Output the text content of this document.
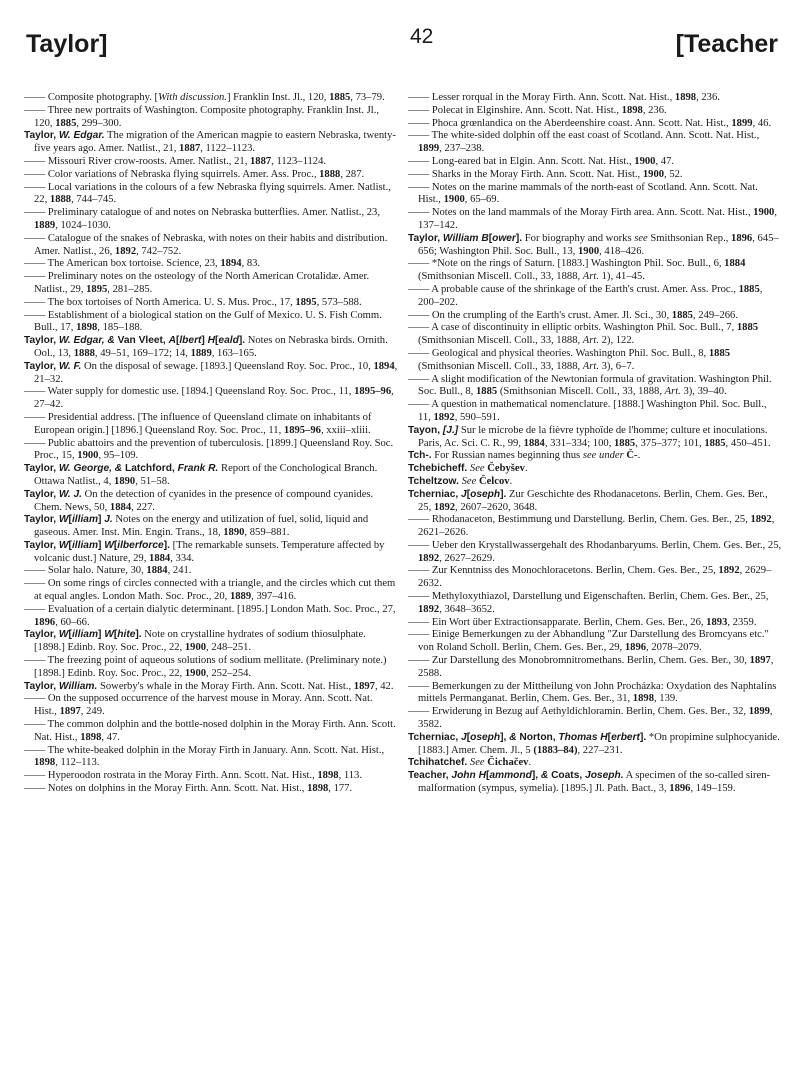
Taylor]	42	[Teacher

—— Composite photography. [With discussion.] Franklin Inst. Jl., 120, 1885, 73–79.

—— Three new portraits of Washington. Composite photography. Franklin Inst. Jl., 120, 1885, 299–300.

Taylor, W. Edgar. The migration of the American magpie to eastern Nebraska, twenty-five years ago. Amer. Natlist., 21, 1887, 1122–1123.

—— Missouri River crow-roosts. Amer. Natlist., 21, 1887, 1123–1124.

—— Color variations of Nebraska flying squirrels. Amer. Ass. Proc., 1888, 287.

—— Local variations in the colours of a few Nebraska flying squirrels. Amer. Natlist., 22, 1888, 744–745.

—— Preliminary catalogue of and notes on Nebraska butterflies. Amer. Natlist., 23, 1889, 1024–1030.

—— Catalogue of the snakes of Nebraska, with notes on their habits and distribution. Amer. Natlist., 26, 1892, 742–752.

—— The American box tortoise. Science, 23, 1894, 83.

—— Preliminary notes on the osteology of the North American Crotalidæ. Amer. Natlist., 29, 1895, 281–285.

—— The box tortoises of North America. U. S. Mus. Proc., 17, 1895, 573–588.

—— Establishment of a biological station on the Gulf of Mexico. U. S. Fish Comm. Bull., 17, 1898, 185–188.

Taylor, W. Edgar, & Van Vleet, A[lbert] H[eald]. Notes on Nebraska birds. Ornith. Ool., 13, 1888, 49–51, 169–172; 14, 1889, 163–165.

Taylor, W. F. On the disposal of sewage. [1893.] Queensland Roy. Soc. Proc., 10, 1894, 21–32.

—— Water supply for domestic use. [1894.] Queensland Roy. Soc. Proc., 11, 1895–96, 27–42.

—— Presidential address. [The influence of Queensland climate on inhabitants of European origin.] [1896.] Queensland Roy. Soc. Proc., 11, 1895–96, xxiii–xliii.

—— Public abattoirs and the prevention of tuberculosis. [1899.] Queensland Roy. Soc. Proc., 15, 1900, 95–109.

Taylor, W. George, & Latchford, Frank R. Report of the Conchological Branch. Ottawa Natlist., 4, 1890, 51–58.

Taylor, W. J. On the detection of cyanides in the presence of compound cyanides. Chem. News, 50, 1884, 227.

Taylor, W[illiam] J. Notes on the energy and utilization of fuel, solid, liquid and gaseous. Amer. Inst. Min. Engin. Trans., 18, 1890, 859–881.

Taylor, W[illiam] W[ilberforce]. [The remarkable sunsets. Temperature affected by volcanic dust.] Nature, 29, 1884, 334.

—— Solar halo. Nature, 30, 1884, 241.

—— On some rings of circles connected with a triangle, and the circles which cut them at equal angles. London Math. Soc. Proc., 20, 1889, 397–416.

—— Evaluation of a certain dialytic determinant. [1895.] London Math. Soc. Proc., 27, 1896, 60–66.

Taylor, W[illiam] W[hite]. Note on crystalline hydrates of sodium thiosulphate. [1898.] Edinb. Roy. Soc. Proc., 22, 1900, 248–251.

—— The freezing point of aqueous solutions of sodium mellitate. (Preliminary note.) [1898.] Edinb. Roy. Soc. Proc., 22, 1900, 252–254.

Taylor, William. Sowerby's whale in the Moray Firth. Ann. Scott. Nat. Hist., 1897, 42.

—— On the supposed occurrence of the harvest mouse in Moray. Ann. Scott. Nat. Hist., 1897, 249.

—— The common dolphin and the bottle-nosed dolphin in the Moray Firth. Ann. Scott. Nat. Hist., 1898, 47.

—— The white-beaked dolphin in the Moray Firth in January. Ann. Scott. Nat. Hist., 1898, 112–113.

—— Hyperoodon rostrata in the Moray Firth. Ann. Scott. Nat. Hist., 1898, 113.

—— Notes on dolphins in the Moray Firth. Ann. Scott. Nat. Hist., 1898, 177.

—— Lesser rorqual in the Moray Firth. Ann. Scott. Nat. Hist., 1898, 236.

—— Polecat in Elginshire. Ann. Scott. Nat. Hist., 1898, 236.

—— Phoca grœnlandica on the Aberdeenshire coast. Ann. Scott. Nat. Hist., 1899, 46.

—— The white-sided dolphin off the east coast of Scotland. Ann. Scott. Nat. Hist., 1899, 237–238.

—— Long-eared bat in Elgin. Ann. Scott. Nat. Hist., 1900, 47.

—— Sharks in the Moray Firth. Ann. Scott. Nat. Hist., 1900, 52.

—— Notes on the marine mammals of the north-east of Scotland. Ann. Scott. Nat. Hist., 1900, 65–69.

—— Notes on the land mammals of the Moray Firth area. Ann. Scott. Nat. Hist., 1900, 137–142.

Taylor, William B[ower]. For biography and works see Smithsonian Rep., 1896, 645–656; Washington Phil. Soc. Bull., 13, 1900, 418–426.

—— *Note on the rings of Saturn. [1883.] Washington Phil. Soc. Bull., 6, 1884 (Smithsonian Miscell. Coll., 33, 1888, Art. 1), 41–45.

—— A probable cause of the shrinkage of the Earth's crust. Amer. Ass. Proc., 1885, 200–202.

—— On the crumpling of the Earth's crust. Amer. Jl. Sci., 30, 1885, 249–266.

—— A case of discontinuity in elliptic orbits. Washington Phil. Soc. Bull., 7, 1885 (Smithsonian Miscell. Coll., 33, 1888, Art. 2), 122.

—— Geological and physical theories. Washington Phil. Soc. Bull., 8, 1885 (Smithsonian Miscell. Coll., 33, 1888, Art. 3), 6–7.

—— A slight modification of the Newtonian formula of gravitation. Washington Phil. Soc. Bull., 8, 1885 (Smithsonian Miscell. Coll., 33, 1888, Art. 3), 39–40.

—— A question in mathematical nomenclature. [1888.] Washington Phil. Soc. Bull., 11, 1892, 590–591.

Tayon, [J.] Sur le microbe de la fièvre typhoïde de l'homme; culture et inoculations. Paris, Ac. Sci. C. R., 99, 1884, 331–334; 100, 1885, 375–377; 101, 1885, 450–451.

Tch-. For Russian names beginning thus see under Č-.

Tchebicheff. See Čebyšev.

Tcheltzow. See Čelcov.

Tcherniac, J[oseph]. Zur Geschichte des Rhodanacetons. Berlin, Chem. Ges. Ber., 25, 1892, 2607–2620, 3648.

—— Rhodanaceton, Bestimmung und Darstellung. Berlin, Chem. Ges. Ber., 25, 1892, 2621–2626.

—— Ueber den Krystallwassergehalt des Rhodanbaryums. Berlin, Chem. Ges. Ber., 25, 1892, 2627–2629.

—— Zur Kenntniss des Monochloracetons. Berlin, Chem. Ges. Ber., 25, 1892, 2629–2632.

—— Methyloxythiazol, Darstellung und Eigenschaften. Berlin, Chem. Ges. Ber., 25, 1892, 3648–3652.

—— Ein Wort über Extractionsapparate. Berlin, Chem. Ges. Ber., 26, 1893, 2359.

—— Einige Bemerkungen zu der Abhandlung "Zur Darstellung des Bromcyans etc." von Roland Scholl. Berlin, Chem. Ges. Ber., 29, 1896, 2078–2079.

—— Zur Darstellung des Monobromnitromethans. Berlin, Chem. Ges. Ber., 30, 1897, 2588.

—— Bemerkungen zu der Mittheilung von John Procházka: Oxydation des Naphtalins mittels Permanganat. Berlin, Chem. Ges. Ber., 31, 1898, 139.

—— Erwiderung in Bezug auf Aethyldichloramin. Berlin, Chem. Ges. Ber., 32, 1899, 3582.

Tcherniac, J[oseph], & Norton, Thomas H[erbert]. *On propimine sulphocyanide. [1883.] Amer. Chem. Jl., 5 (1883–84), 227–231.

Tchihatchef. See Čichačev.

Teacher, John H[ammond], & Coats, Joseph. A specimen of the so-called siren-malformation (sympus, symelia). [1895.] Jl. Path. Bact., 3, 1896, 149–159.
